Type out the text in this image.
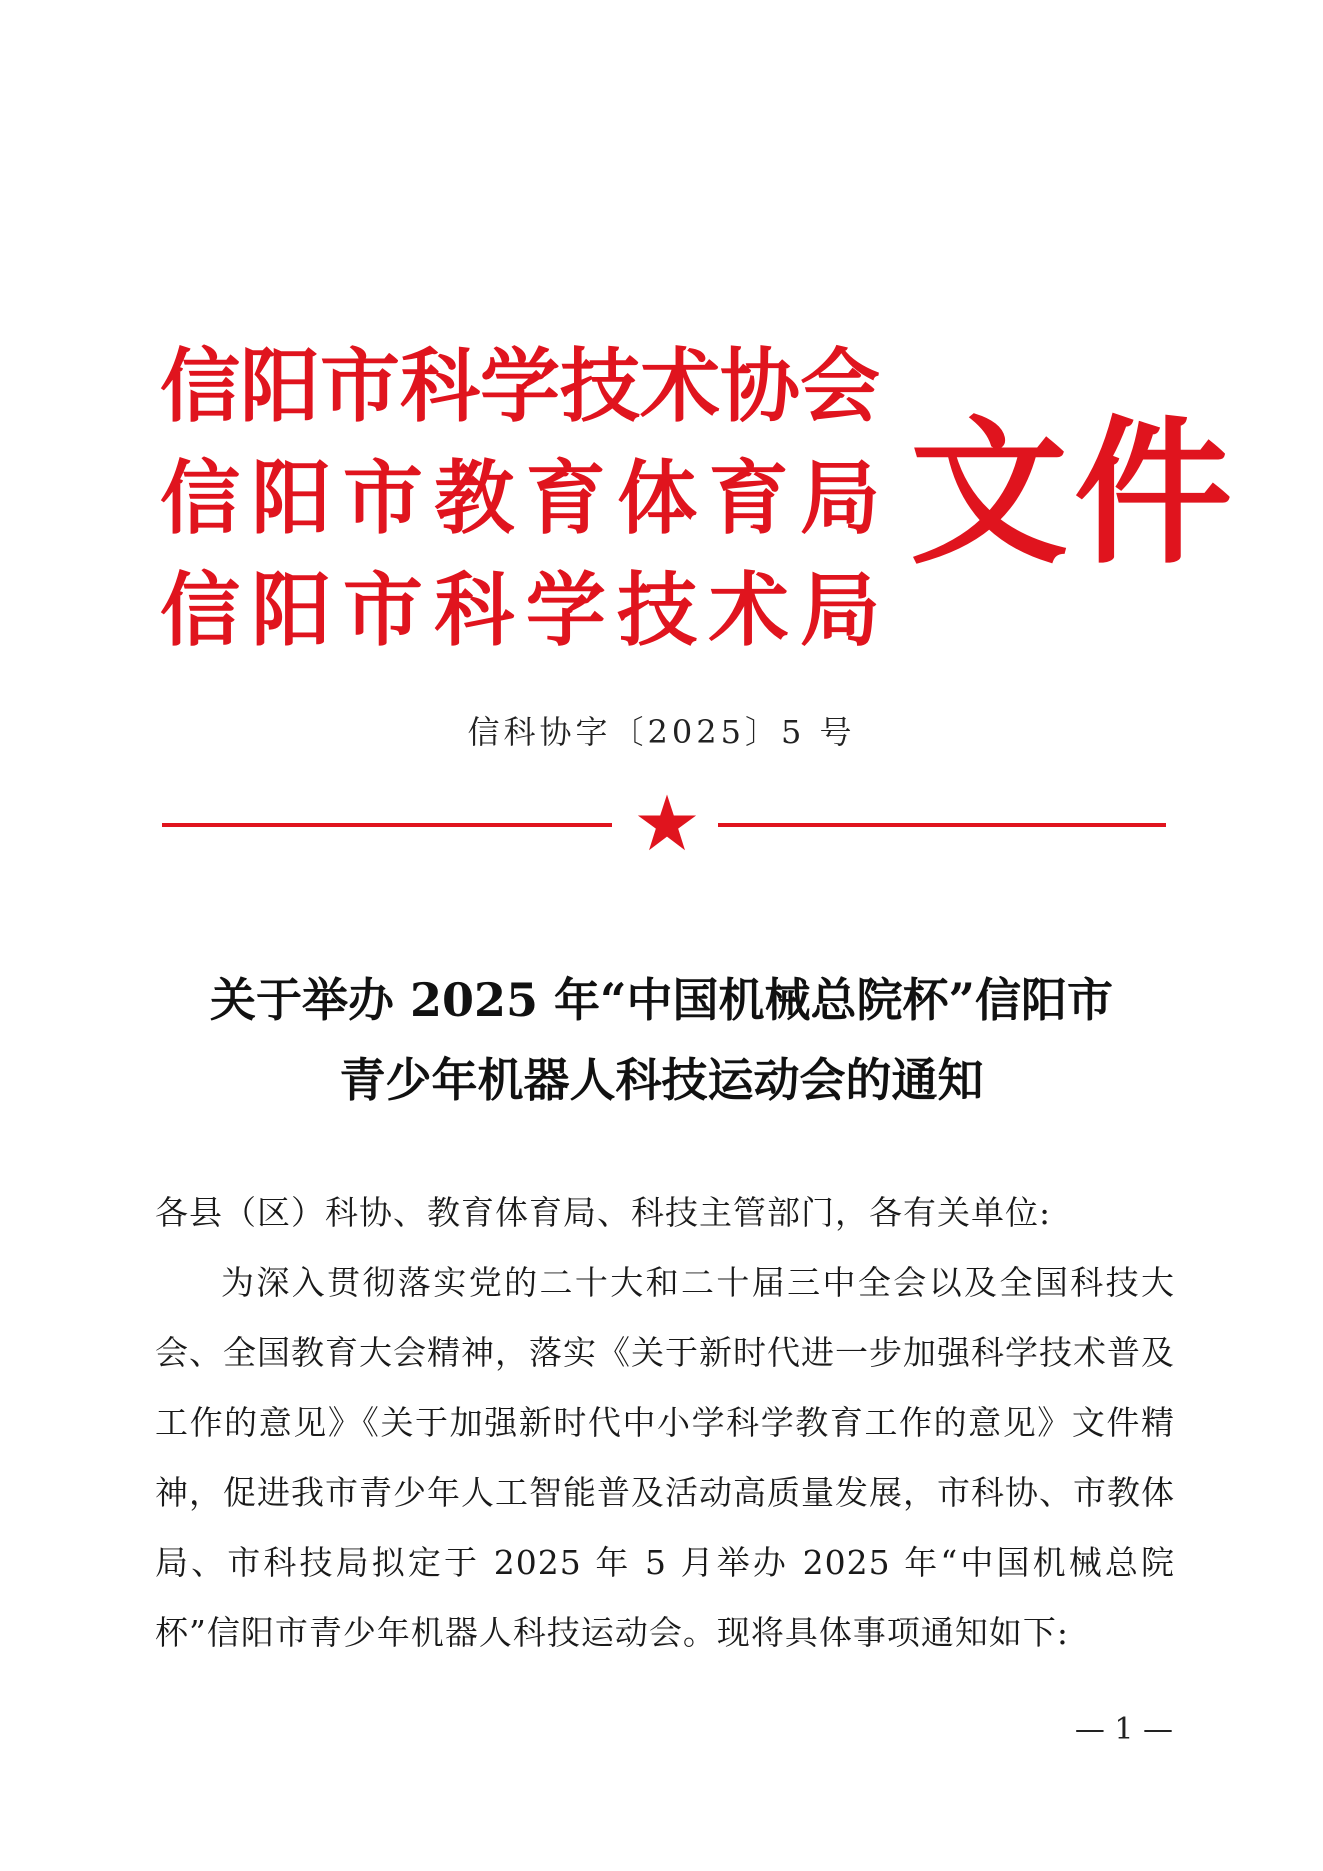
信阳市科学技术协会
信阳市教育体育局
信阳市科学技术局
文件
信科协字〔2025〕5 号
关于举办 2025 年“中国机械总院杯”信阳市
青少年机器人科技运动会的通知
各县（区）科协、教育体育局、科技主管部门，各有关单位:
为深入贯彻落实党的二十大和二十届三中全会以及全国科技大会、全国教育大会精神，落实《关于新时代进一步加强科学技术普及工作的意见》《关于加强新时代中小学科学教育工作的意见》文件精神，促进我市青少年人工智能普及活动高质量发展，市科协、市教体局、市科技局拟定于 2025 年 5 月举办 2025 年“中国机械总院杯”信阳市青少年机器人科技运动会。现将具体事项通知如下:
— 1 —
